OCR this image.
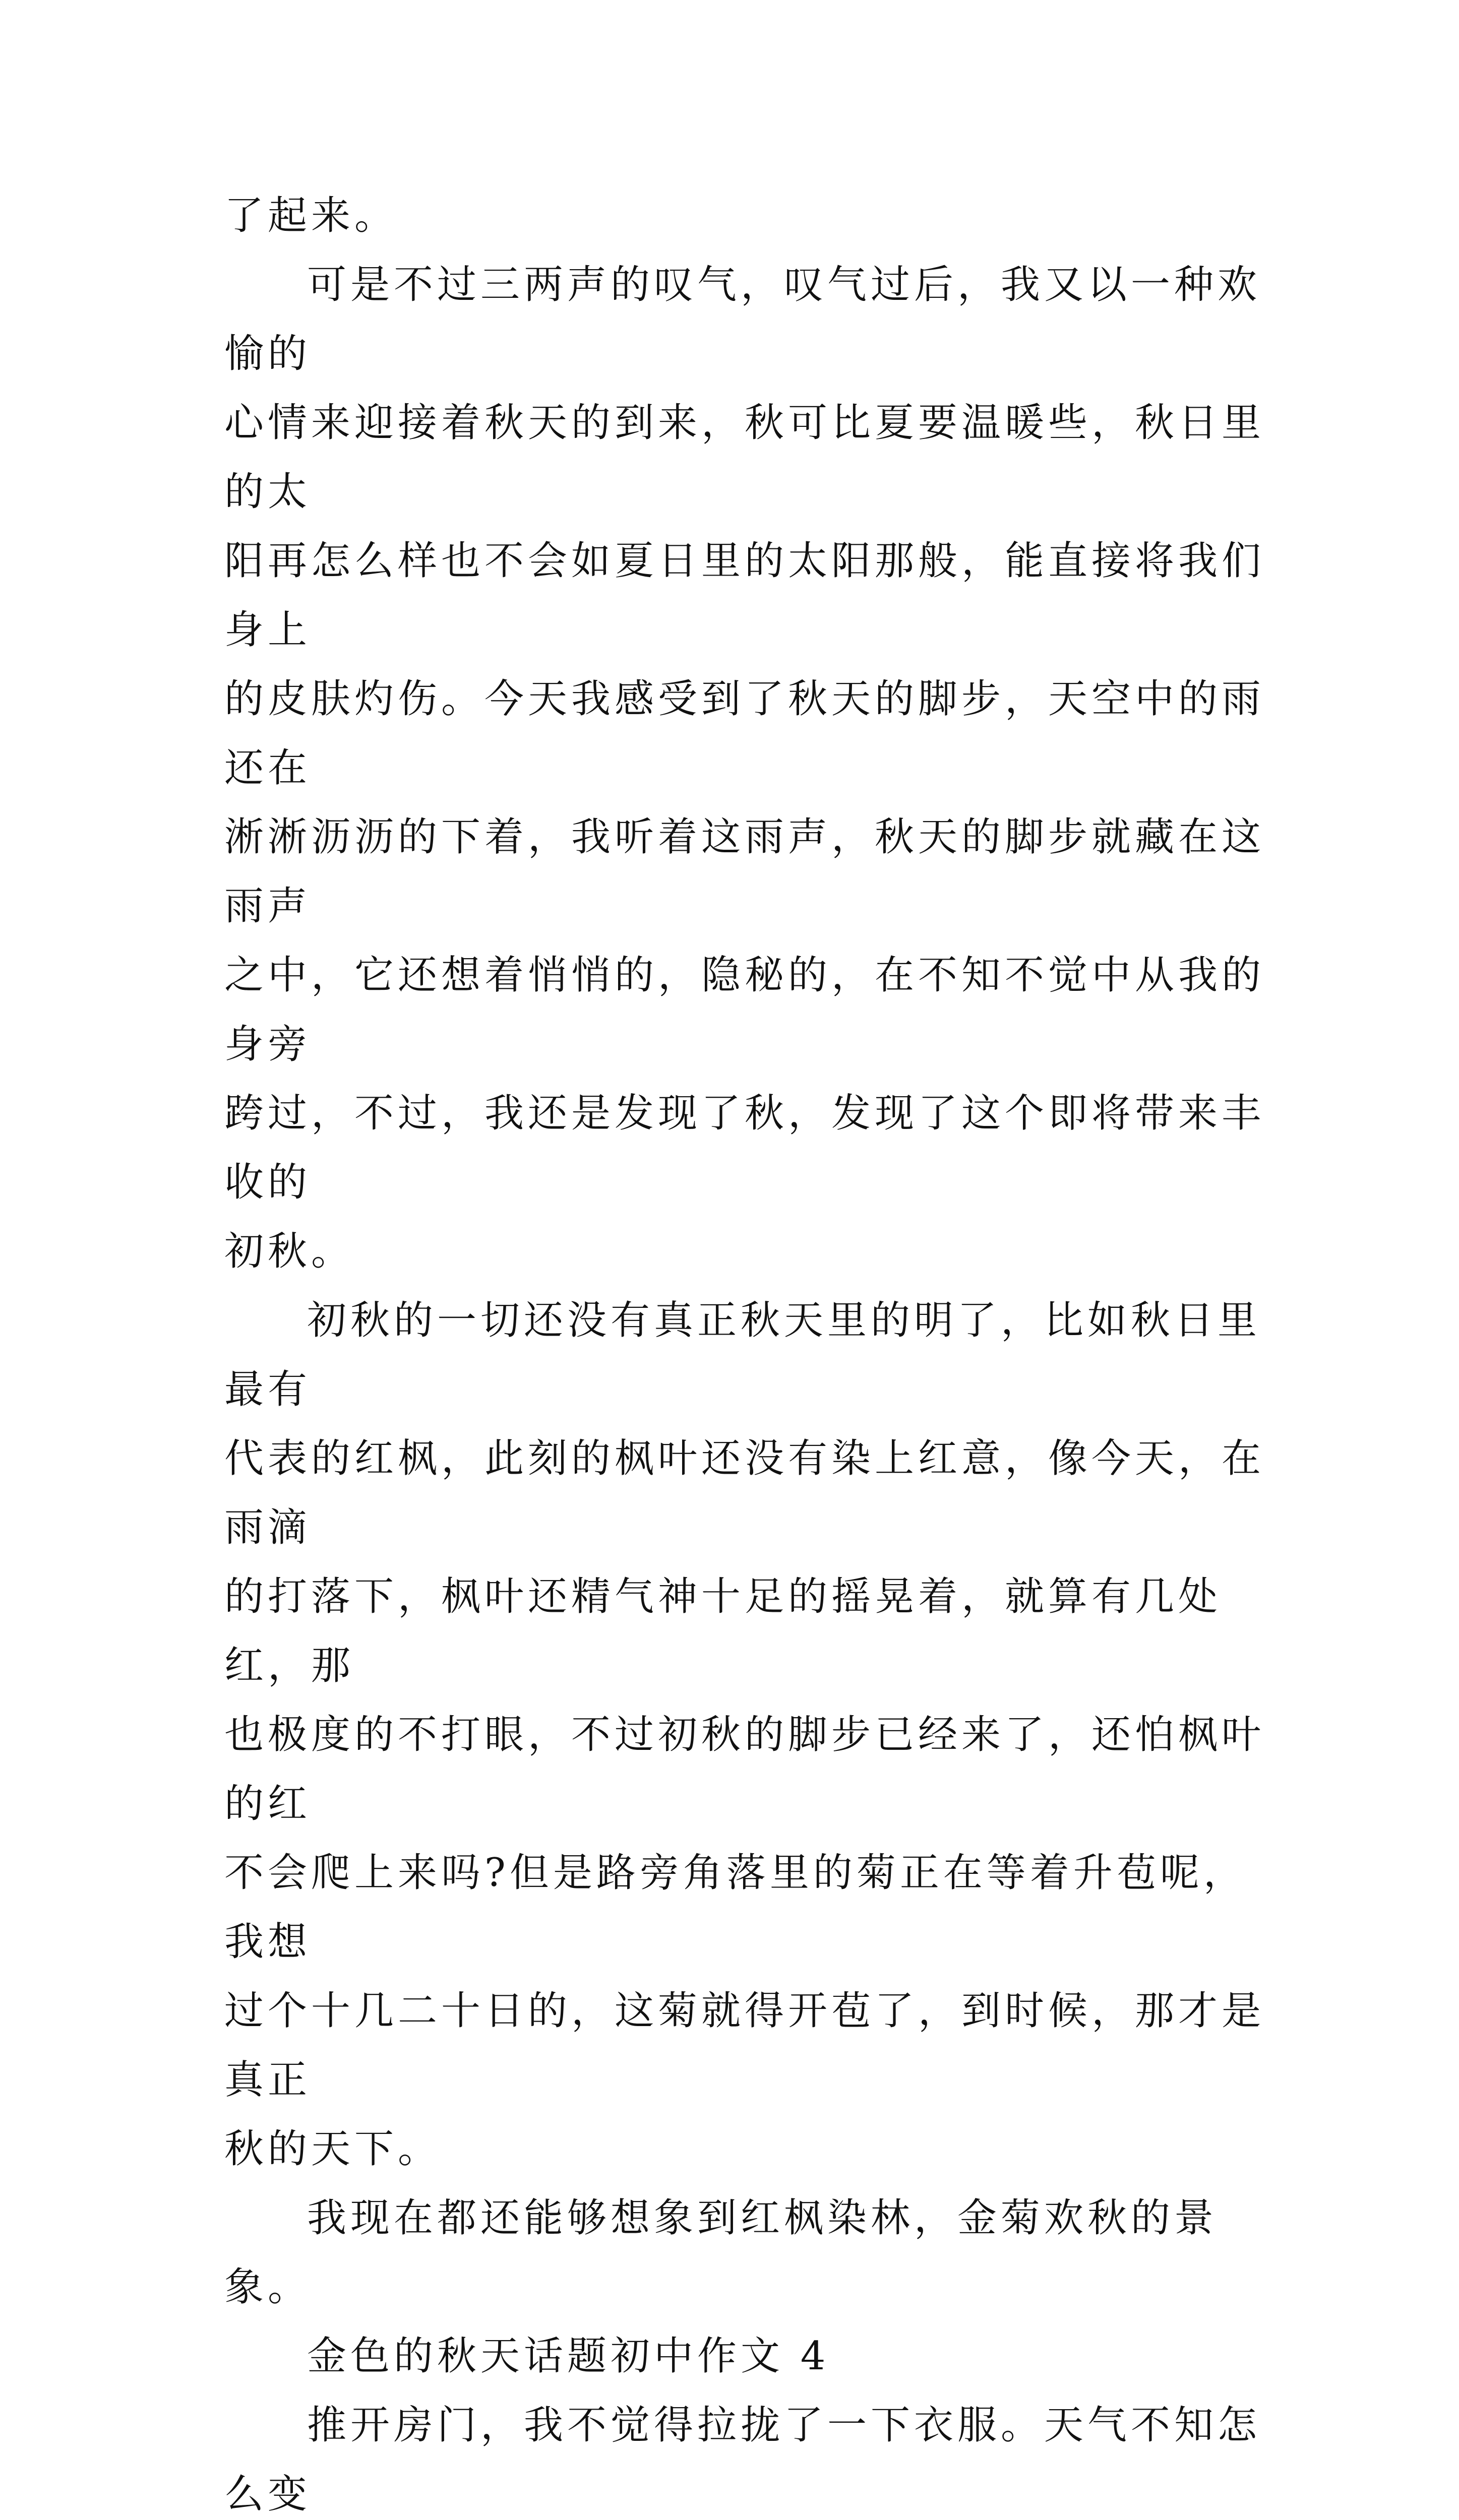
了起来。

可是不过三两声的叹气，叹气过后，我又以一种欢愉的
心情来迎接着秋天的到来，秋可比夏要温暖些，秋日里的太
阳再怎么样也不会如夏日里的太阳那般，能直接将我们身上
的皮肤灼伤。今天我感受到了秋天的脚步，天空中的雨还在
淅淅沥沥的下着，我听着这雨声，秋天的脚步就藏在这雨声
之中，它还想着悄悄的，隐秘的，在不知不觉中从我的身旁
跨过，不过，我还是发现了秋，发现了这个即将带来丰收的
初秋。

初秋的一切还没有真正秋天里的明了，比如秋日里最有
代表的红枫，此刻的枫叶还没有染上红意，像今天，在雨滴
的打落下，枫叶还精气神十足的摇晃着，就算有几处红，那
也极度的不打眼，不过初秋的脚步已经来了，还怕枫叶的红
不会爬上来吗?但是路旁角落里的菊正在等着升苞呢，我想
过个十几二十日的，这菊就得开苞了，到时候，那才是真正
秋的天下。

我现在都还能够想象到红枫染林，金菊欢秋的景象。

金色的秋天话题初中作文 4

推开房门，我不觉得拉拢了一下衣服。天气不知怎么变
